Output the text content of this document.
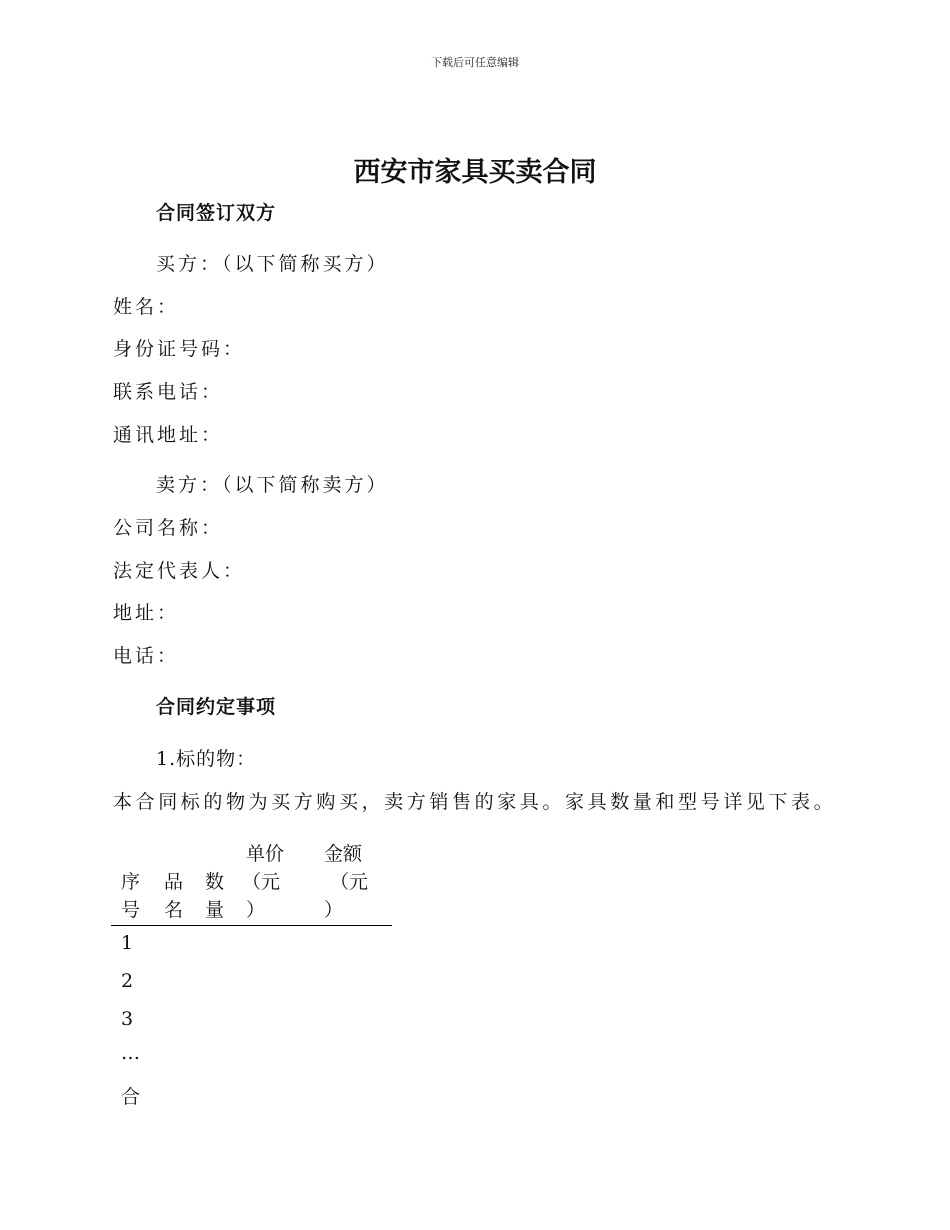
下载后可任意编辑
西安市家具买卖合同
合同签订双方
买方：（以下简称买方）
姓名：
身份证号码：
联系电话：
通讯地址：
卖方：（以下简称卖方）
公司名称：
法定代表人：
地址：
电话：
合同约定事项
1.标的物：
本合同标的物为买方购买，卖方销售的家具。家具数量和型号详见下表。

序
号

品
名

数
量
单价
（元
）
金额
（元
）
1
2
3
…
合
